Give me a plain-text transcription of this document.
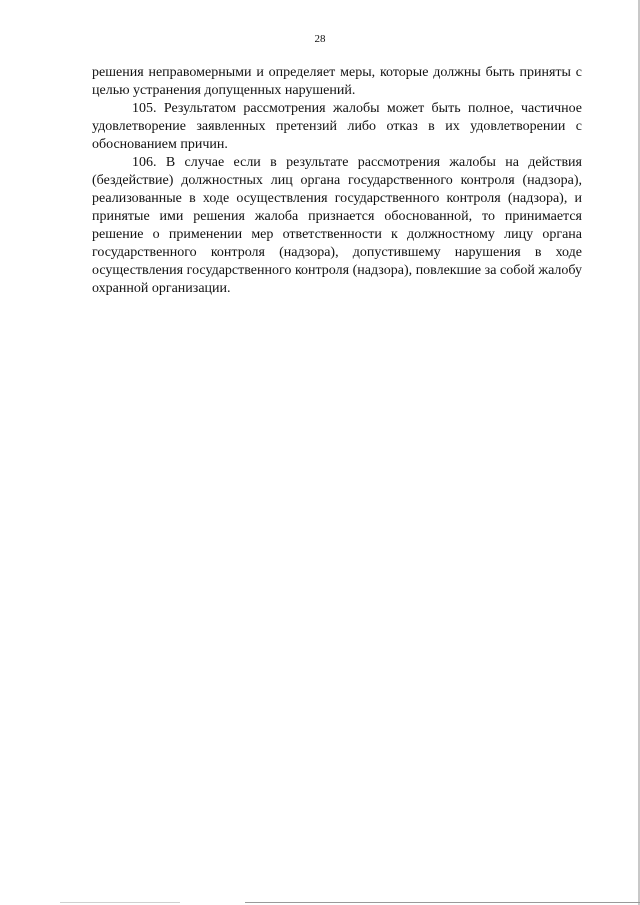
28

решения неправомерными и определяет меры, которые должны быть приняты с целью устранения допущенных нарушений.

105. Результатом рассмотрения жалобы может быть полное, частичное удовлетворение заявленных претензий либо отказ в их удовлетворении с обоснованием причин.

106. В случае если в результате рассмотрения жалобы на действия (бездействие) должностных лиц органа государственного контроля (надзора), реализованные в ходе осуществления государственного контроля (надзора), и принятые ими решения жалоба признается обоснованной, то принимается решение о применении мер ответственности к должностному лицу органа государственного контроля (надзора), допустившему нарушения в ходе осуществления государственного контроля (надзора), повлекшие за собой жалобу охранной организации.
